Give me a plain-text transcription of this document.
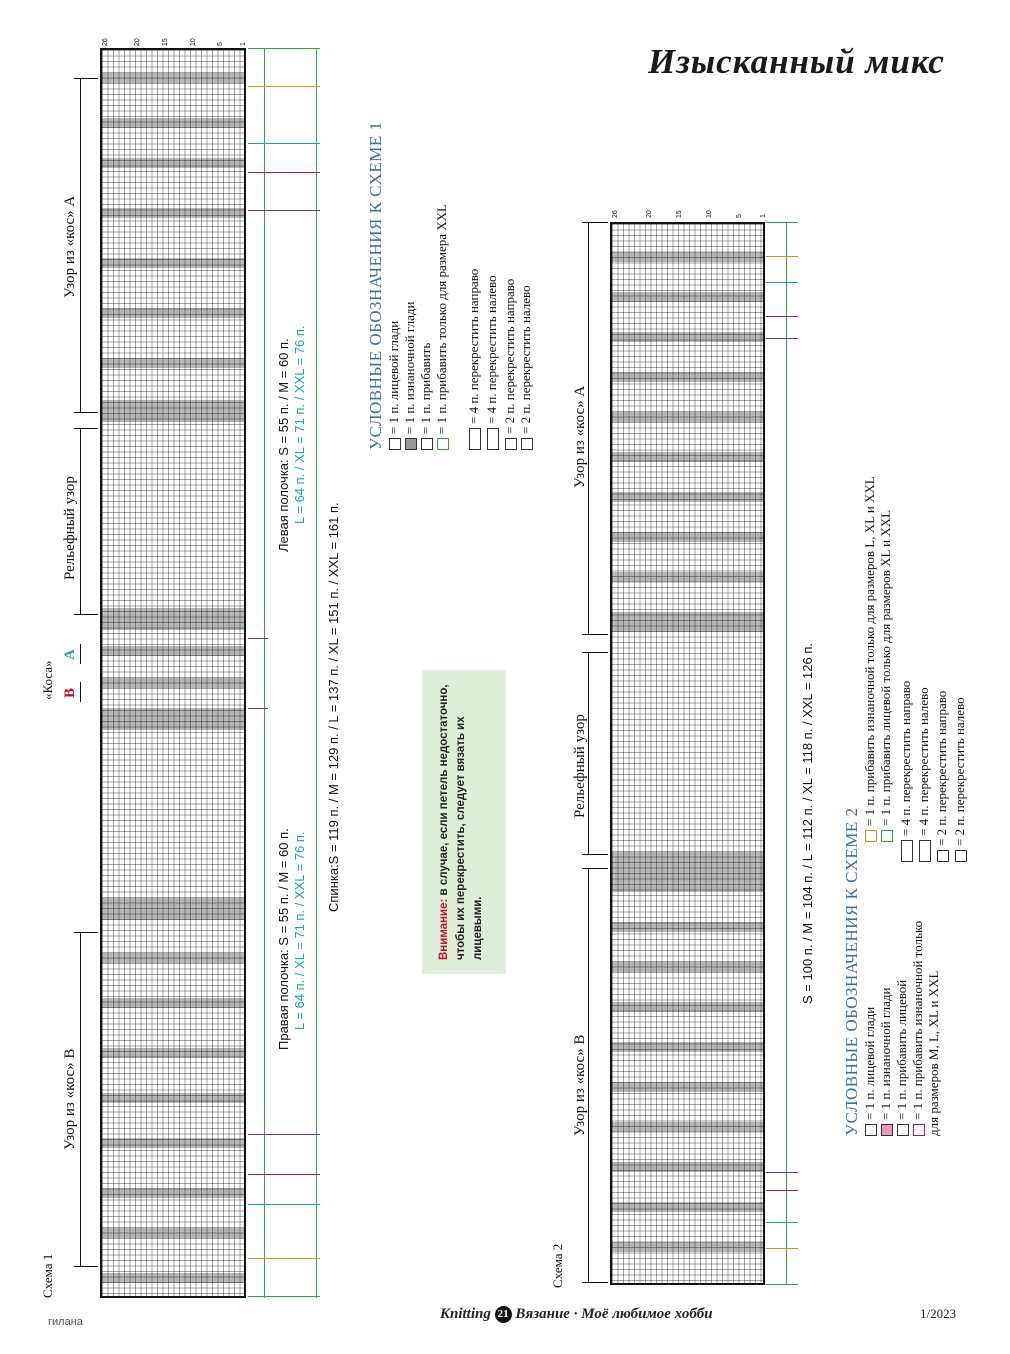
Изысканный микс
26	20	15	10	5 1
Узор из «кос» A
Рельефный узор
«Коса»
A
B
Узор из «кос» B
Схема 1
Левая полочка: S = 55 п. / M = 60 п. L = 64 п. / XL = 71 п. / XXL = 76 п.
Правая полочка: S = 55 п. / M = 60 п. L = 64 п. / XL = 71 п. / XXL = 76 п.
Спинка:S = 119 п. / M = 129 п. / L = 137 п. / XL = 151 п. / XXL = 161 п.
УСЛОВНЫЕ ОБОЗНАЧЕНИЯ К СХЕМЕ 1 = 1 п. лицевой глади = 1 п. изнаночной глади = 1 п. прибавить = 1 п. прибавить только для размера XXL = 4 п. перекрестить направо = 4 п. перекрестить налево = 2 п. перекрестить направо = 2 п. перекрестить налево
Внимание: в случае, если петель недостаточно, чтобы их перекрестить, следует вязать их лицевыми.
26	20	15	10	5 1
Узор из «кос» A
Рельефный узор
Узор из «кос» B
Схема 2
S = 100 п. / M = 104 п. / L = 112 п. / XL = 118 п. / XXL = 126 п. УСЛОВНЫЕ ОБОЗНАЧЕНИЯ К СХЕМЕ 2 = 1 п. лицевой глади = 1 п. изнаночной глади = 1 п. прибавить лицевой = 1 п. прибавить изнаночной только для размеров M, L, XL и XXL
= 1 п. прибавить изнаночной только для размеров L, XL и XXL = 1 п. прибавить лицевой только для размеров XL и XXL = 4 п. перекрестить направо = 4 п. перекрестить налево = 2 п. перекрестить направо = 2 п. перекрестить налево
гилана	Knitting 21 Вязание · Моё любимое хобби	1/2023
